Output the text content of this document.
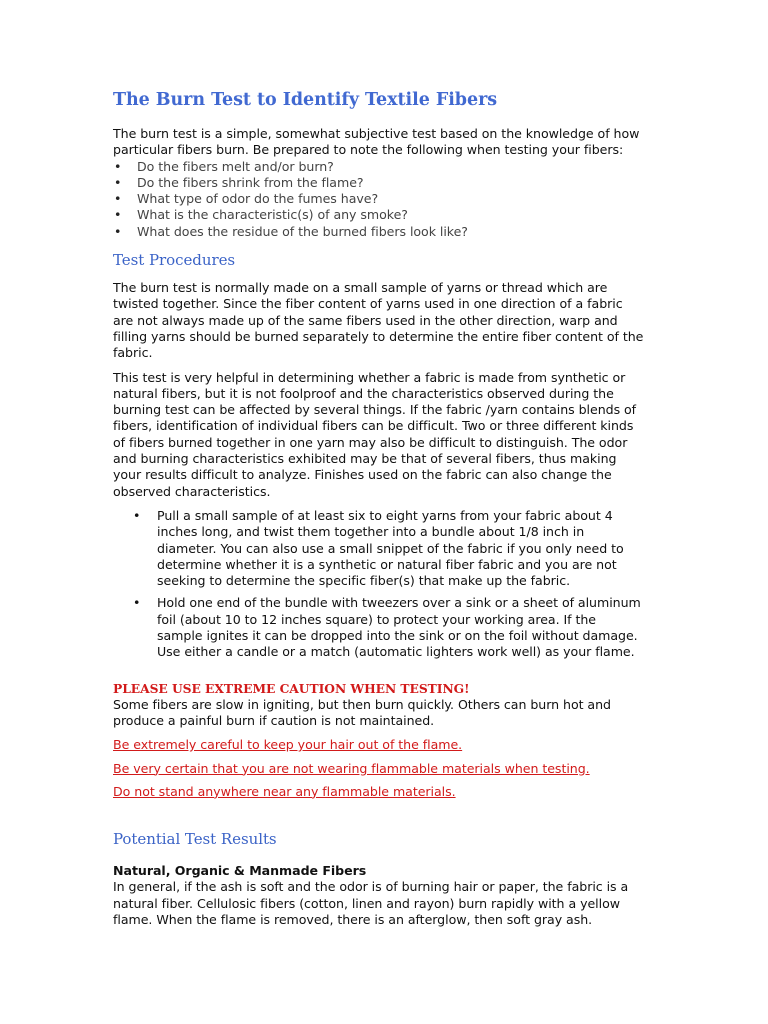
The Burn Test to Identify Textile Fibers

The burn test is a simple, somewhat subjective test based on the knowledge of how particular fibers burn. Be prepared to note the following when testing your fibers:

• Do the fibers melt and/or burn?
• Do the fibers shrink from the flame?
• What type of odor do the fumes have?
• What is the characteristic(s) of any smoke?
• What does the residue of the burned fibers look like?
Test Procedures

The burn test is normally made on a small sample of yarns or thread which are twisted together. Since the fiber content of yarns used in one direction of a fabric are not always made up of the same fibers used in the other direction, warp and filling yarns should be burned separately to determine the entire fiber content of the fabric.

This test is very helpful in determining whether a fabric is made from synthetic or natural fibers, but it is not foolproof and the characteristics observed during the burning test can be affected by several things. If the fabric /yarn contains blends of fibers, identification of individual fibers can be difficult. Two or three different kinds of fibers burned together in one yarn may also be difficult to distinguish. The odor and burning characteristics exhibited may be that of several fibers, thus making your results difficult to analyze. Finishes used on the fabric can also change the observed characteristics.

• Pull a small sample of at least six to eight yarns from your fabric about 4 inches long, and twist them together into a bundle about 1/8 inch in diameter. You can also use a small snippet of the fabric if you only need to determine whether it is a synthetic or natural fiber fabric and you are not seeking to determine the specific fiber(s) that make up the fabric.
• Hold one end of the bundle with tweezers over a sink or a sheet of aluminum foil (about 10 to 12 inches square) to protect your working area. If the sample ignites it can be dropped into the sink or on the foil without damage. Use either a candle or a match (automatic lighters work well) as your flame.
PLEASE USE EXTREME CAUTION WHEN TESTING!

Some fibers are slow in igniting, but then burn quickly. Others can burn hot and produce a painful burn if caution is not maintained.

Be extremely careful to keep your hair out of the flame.

Be very certain that you are not wearing flammable materials when testing.

Do not stand anywhere near any flammable materials.

Potential Test Results

Natural, Organic & Manmade Fibers

In general, if the ash is soft and the odor is of burning hair or paper, the fabric is a natural fiber. Cellulosic fibers (cotton, linen and rayon) burn rapidly with a yellow flame. When the flame is removed, there is an afterglow, then soft gray ash.
